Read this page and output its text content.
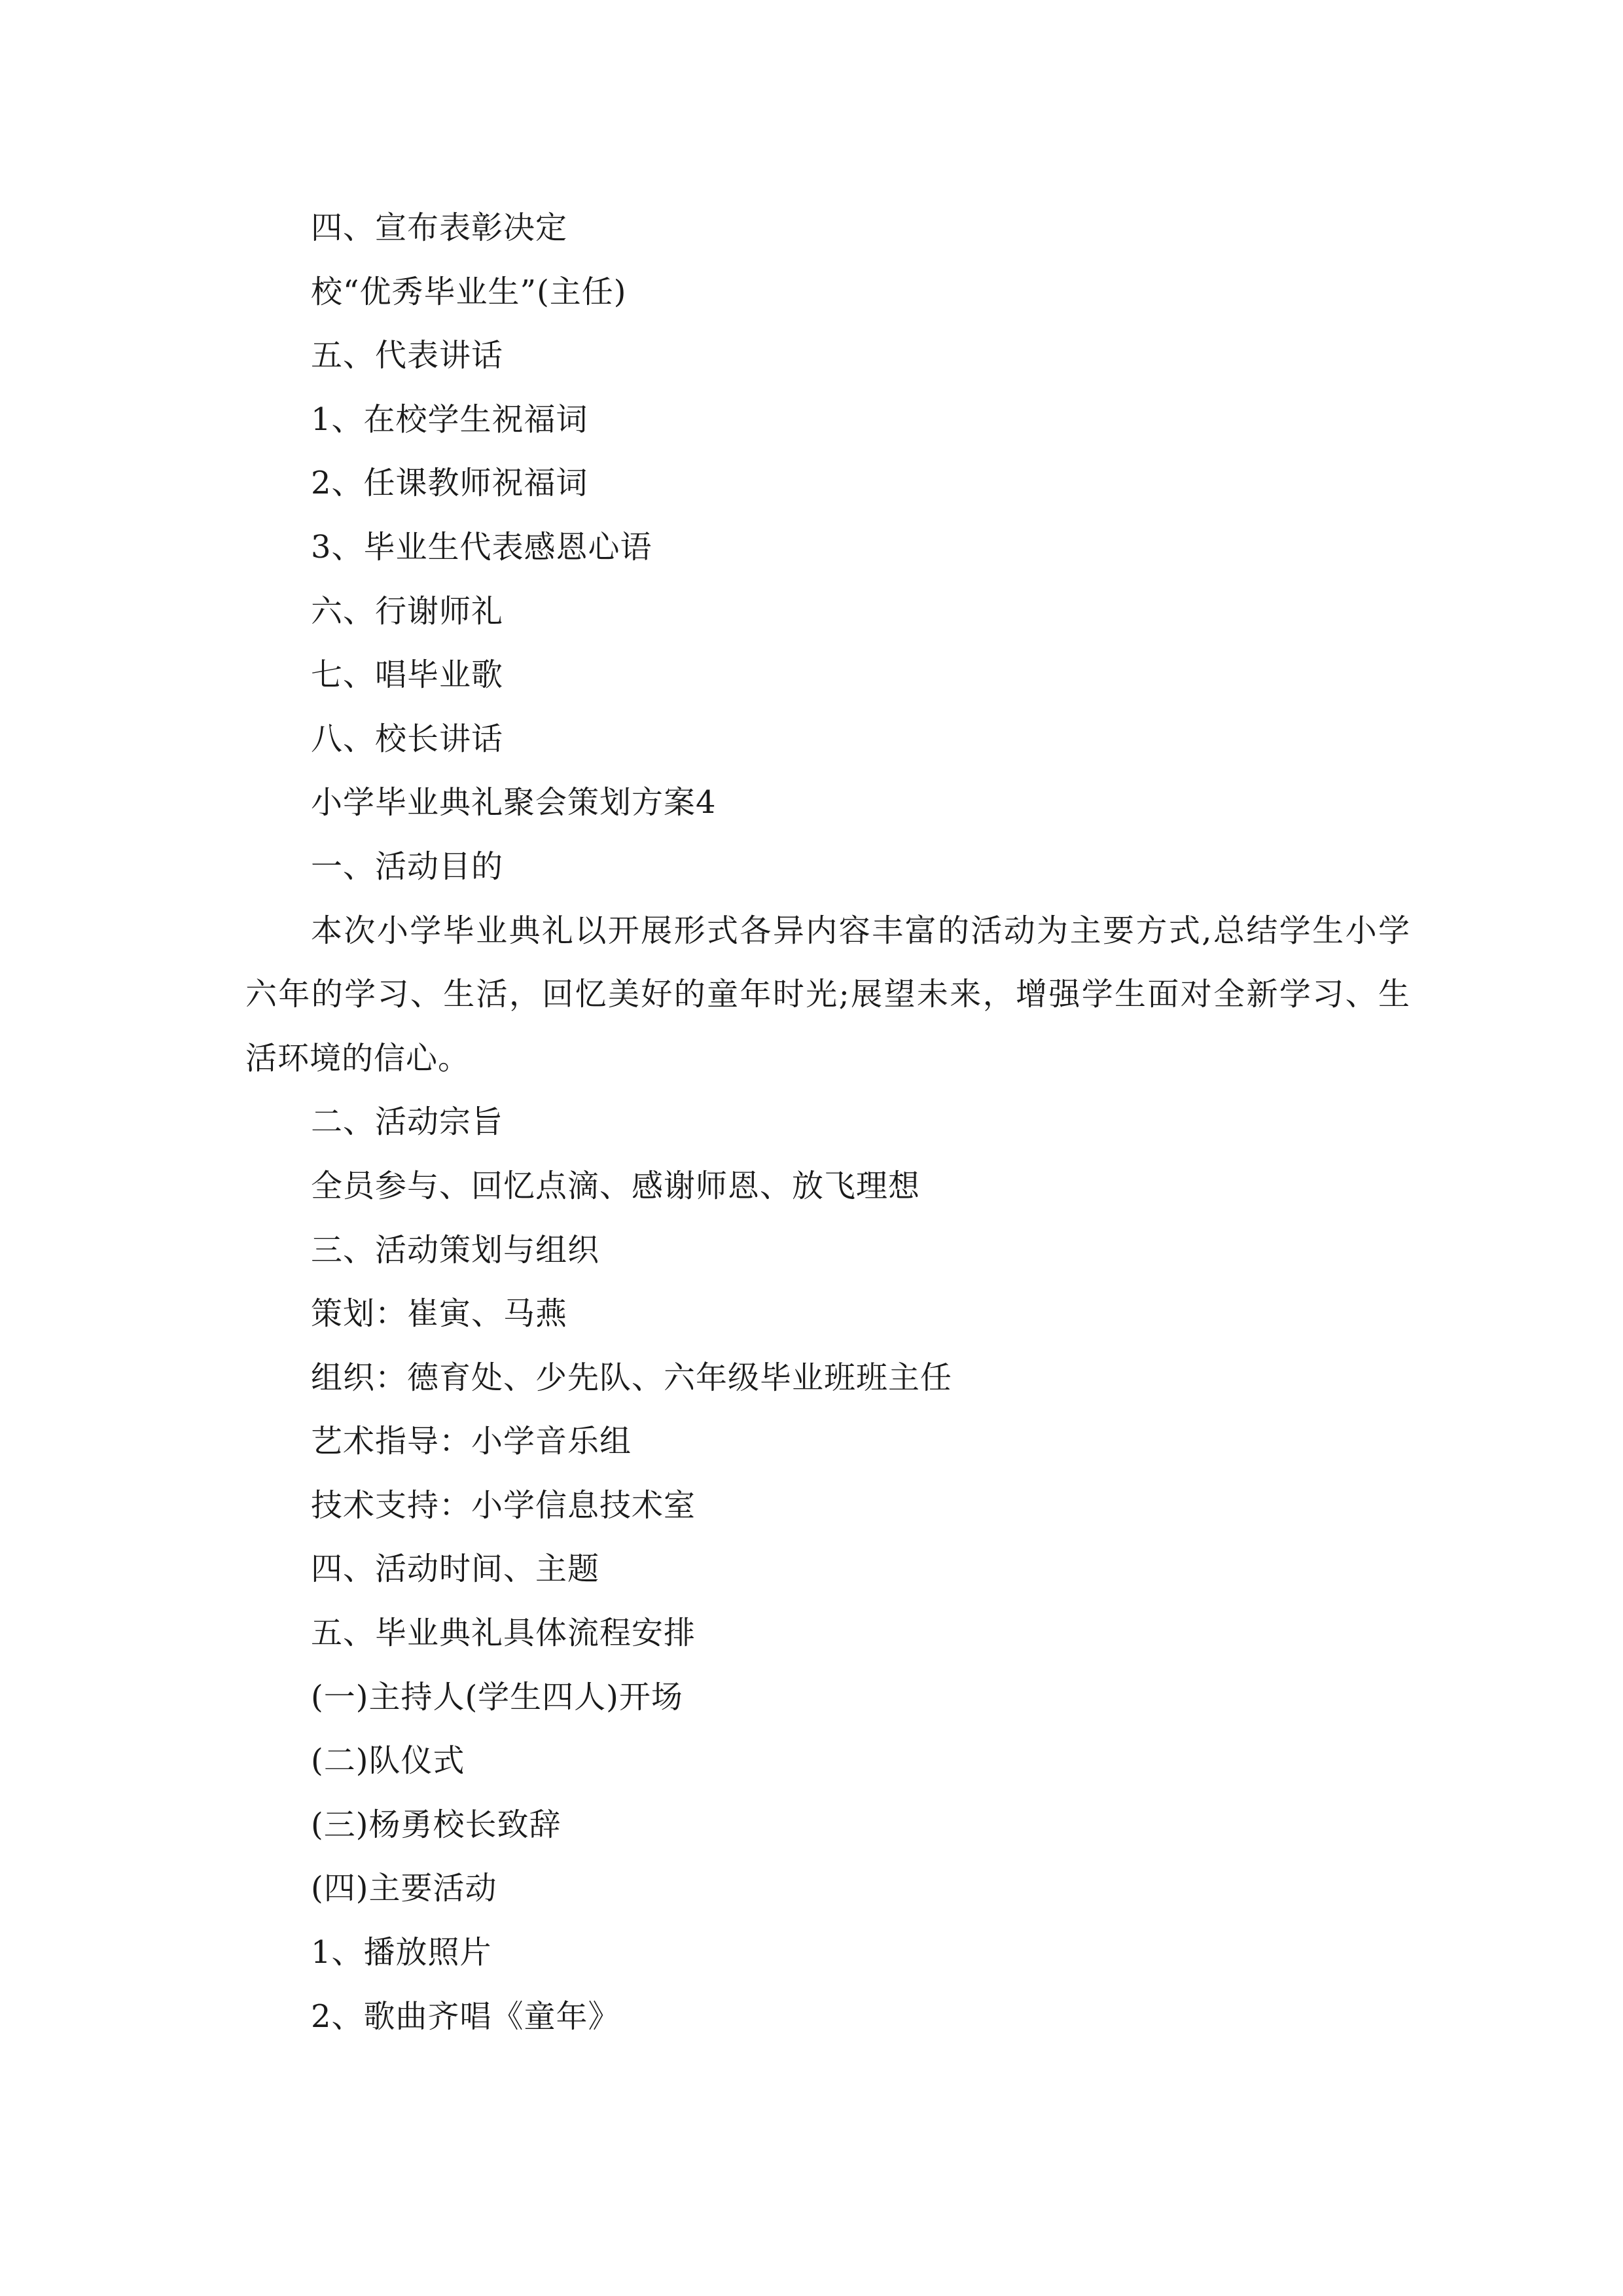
四、宣布表彰决定
校“优秀毕业生”(主任)
五、代表讲话
1、在校学生祝福词
2、任课教师祝福词
3、毕业生代表感恩心语
六、行谢师礼
七、唱毕业歌
八、校长讲话
小学毕业典礼聚会策划方案4
一、活动目的
本次小学毕业典礼以开展形式各异内容丰富的活动为主要方式,总结学生小学六年的学习、生活，回忆美好的童年时光;展望未来，增强学生面对全新学习、生活环境的信心。
二、活动宗旨
全员参与、回忆点滴、感谢师恩、放飞理想
三、活动策划与组织
策划：崔寅、马燕
组织：德育处、少先队、六年级毕业班班主任
艺术指导：小学音乐组
技术支持：小学信息技术室
四、活动时间、主题
五、毕业典礼具体流程安排
(一)主持人(学生四人)开场
(二)队仪式
(三)杨勇校长致辞
(四)主要活动
1、播放照片
2、歌曲齐唱《童年》
